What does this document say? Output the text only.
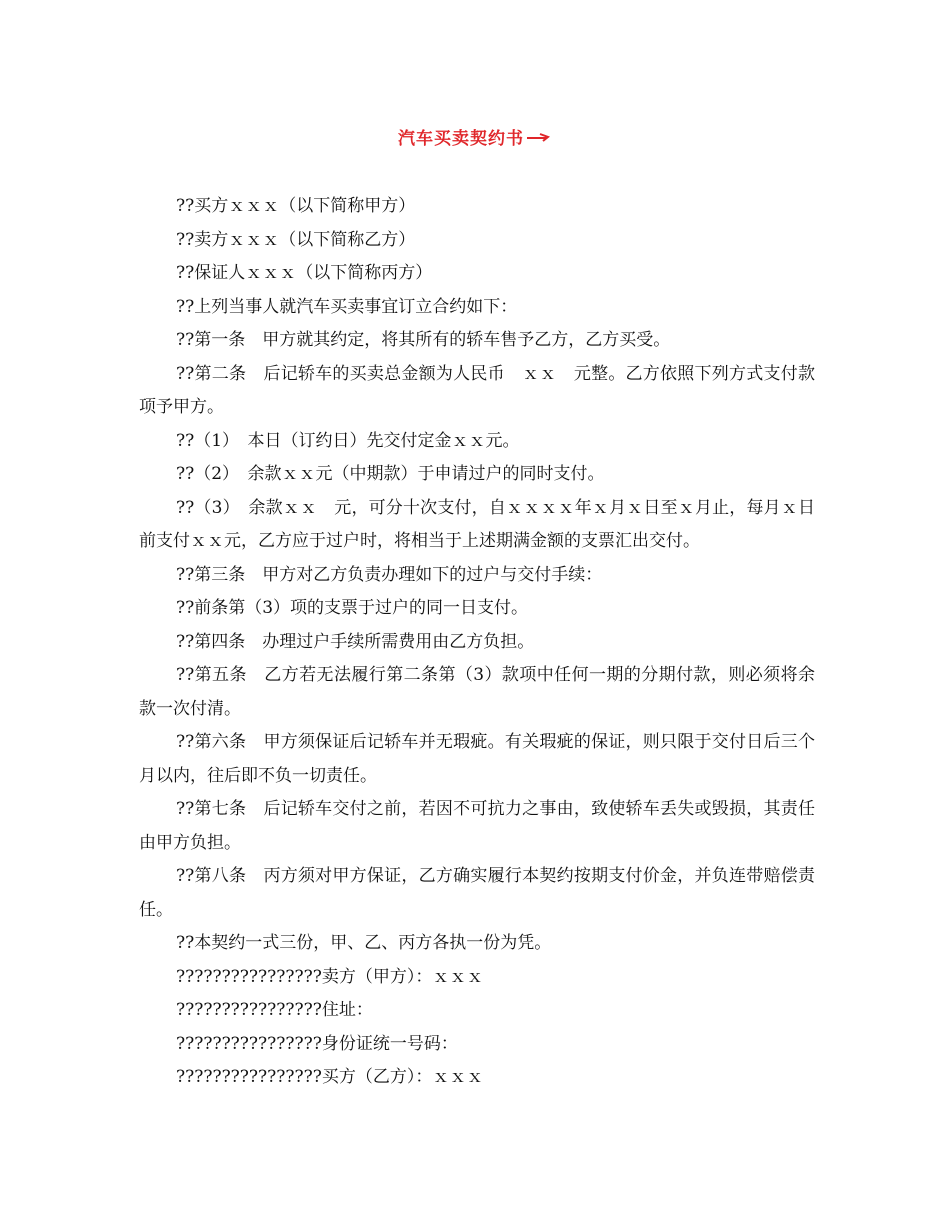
汽车买卖契约书

??买方ｘｘｘ（以下简称甲方）

??卖方ｘｘｘ（以下简称乙方）

??保证人ｘｘｘ（以下简称丙方）

??上列当事人就汽车买卖事宜订立合约如下：

??第一条　甲方就其约定，将其所有的轿车售予乙方，乙方买受。

??第二条　后记轿车的买卖总金额为人民币　ｘｘ　元整。乙方依照下列方式支付款项予甲方。

??（1）　本日（订约日）先交付定金ｘｘ元。

??（2）　余款ｘｘ元（中期款）于申请过户的同时支付。

??（3）　余款ｘｘ　元，可分十次支付，自ｘｘｘｘ年ｘ月ｘ日至ｘ月止，每月ｘ日前支付ｘｘ元，乙方应于过户时，将相当于上述期满金额的支票汇出交付。

??第三条　甲方对乙方负责办理如下的过户与交付手续：

??前条第（3）项的支票于过户的同一日支付。

??第四条　办理过户手续所需费用由乙方负担。

??第五条　乙方若无法履行第二条第（3）款项中任何一期的分期付款，则必须将余款一次付清。

??第六条　甲方须保证后记轿车并无瑕疵。有关瑕疵的保证，则只限于交付日后三个月以内，往后即不负一切责任。

??第七条　后记轿车交付之前，若因不可抗力之事由，致使轿车丢失或毁损，其责任由甲方负担。

??第八条　丙方须对甲方保证，乙方确实履行本契约按期支付价金，并负连带赔偿责任。

??本契约一式三份，甲、乙、丙方各执一份为凭。

????????????????卖方（甲方）：ｘｘｘ

????????????????住址：

????????????????身份证统一号码：

????????????????买方（乙方）：ｘｘｘ
